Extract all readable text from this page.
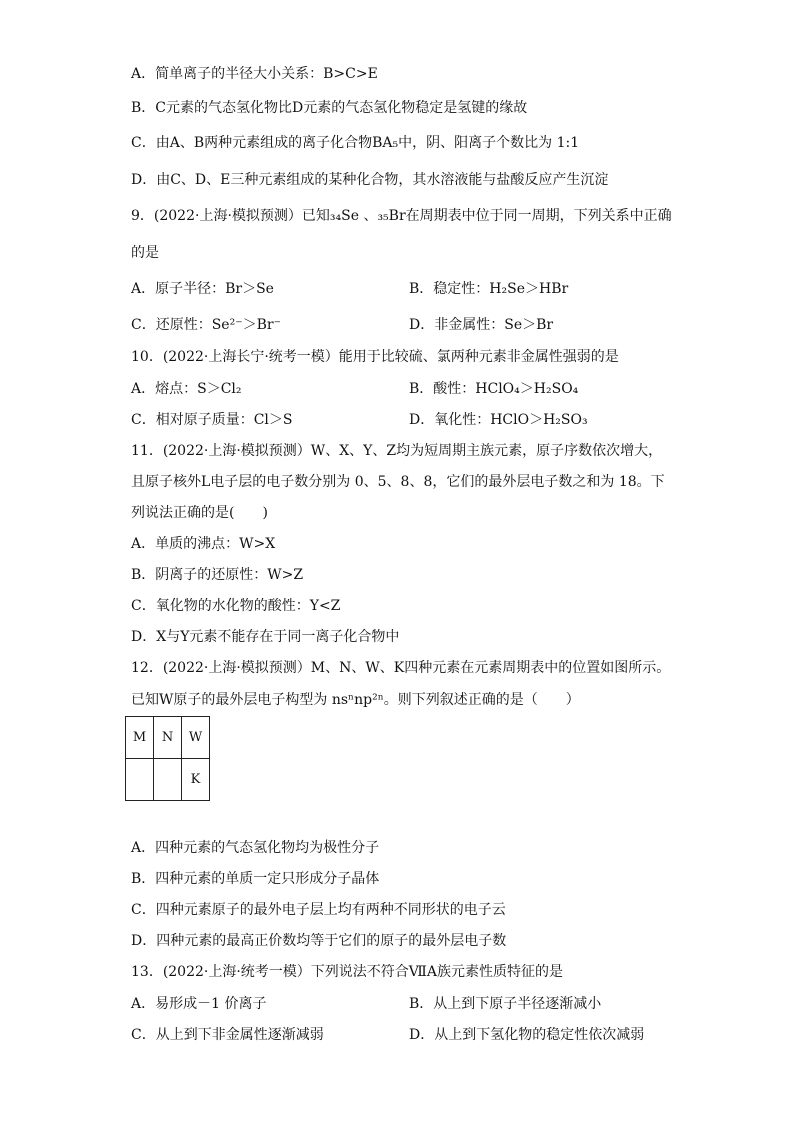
A．简单离子的半径大小关系：B>C>E
B．C元素的气态氢化物比D元素的气态氢化物稳定是氢键的缘故
C．由A、B两种元素组成的离子化合物BA₅中，阴、阳离子个数比为 1:1
D．由C、D、E三种元素组成的某种化合物，其水溶液能与盐酸反应产生沉淀
9．(2022·上海·模拟预测）已知₃₄Se 、₃₅Br在周期表中位于同一周期，下列关系中正确
的是
A．原子半径：Br＞Se	B．稳定性：H₂Se＞HBr
C．还原性：Se²⁻＞Br⁻	D．非金属性：Se＞Br
10．(2022·上海长宁·统考一模）能用于比较硫、氯两种元素非金属性强弱的是
A．熔点：S＞Cl₂	B．酸性：HClO₄＞H₂SO₄
C．相对原子质量：Cl＞S	D．氧化性：HClO＞H₂SO₃
11．(2022·上海·模拟预测）W、X、Y、Z均为短周期主族元素，原子序数依次增大，
且原子核外L电子层的电子数分别为 0、5、8、8，它们的最外层电子数之和为 18。下
列说法正确的是(　　)
A．单质的沸点：W>X
B．阴离子的还原性：W>Z
C．氧化物的水化物的酸性：Y<Z
D．X与Y元素不能存在于同一离子化合物中
12．(2022·上海·模拟预测）M、N、W、K四种元素在元素周期表中的位置如图所示。
已知W原子的最外层电子构型为 nsⁿnp²ⁿ。则下列叙述正确的是（　　）
M	N	W
		K
A．四种元素的气态氢化物均为极性分子
B．四种元素的单质一定只形成分子晶体
C．四种元素原子的最外电子层上均有两种不同形状的电子云
D．四种元素的最高正价数均等于它们的原子的最外层电子数
13．(2022·上海·统考一模）下列说法不符合ⅦA族元素性质特征的是
A．易形成－1 价离子	B．从上到下原子半径逐渐减小
C．从上到下非金属性逐渐减弱	D．从上到下氢化物的稳定性依次减弱
